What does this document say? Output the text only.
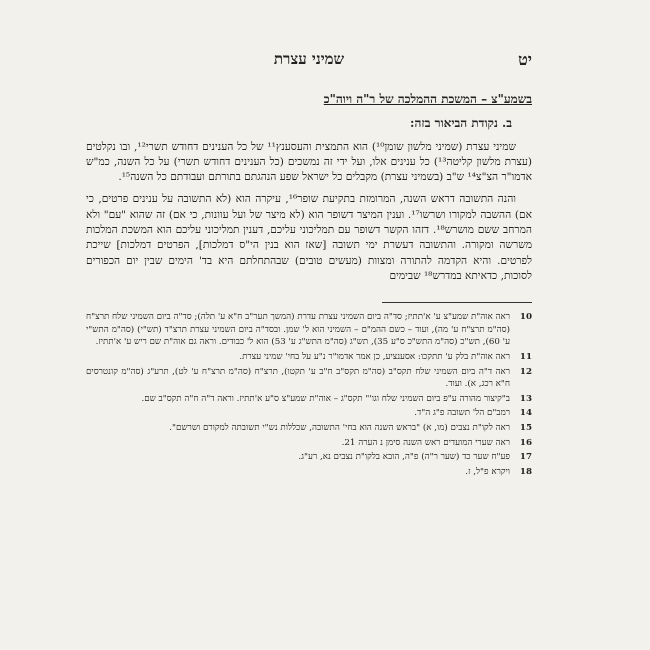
יט
שמיני עצרת
בשמע"צ – המשכת ההמלכה של ר"ה ויוה"כ
ב. נקודת הביאור בזה:

שמיני עצרת (שמיני מלשון שומן¹⁰) הוא התמצית והעסענץ¹¹ של כל הענינים דחודש תשרי¹², ובו נקלטים (עצרת מלשון קליטה¹³) כל ענינים אלו, ועל ידי זה נמשכים (כל הענינים דחודש תשרי) על כל השנה, כמ"ש אדמו"ר הצ"צ¹⁴ ש"ב (בשמיני עצרת) מקבלים כל ישראל שפע הנהגתם בתורתם ועבודתם כל השנה¹⁵.

והנה התשובה דראש השנה, המרומזת בתקיעת שופר¹⁶, עיקרה הוא (לא התשובה על ענינים פרטים, כי אם) ההשבה למקורו ושרשו¹⁷. וענין המיצר דשופר הוא (לא מיצר של ועל עוונות, כי אם) זה שהוא "עם" ולא המרחב ששם מושרש¹⁸. דזהו הקשר דשופר עם תמליכוני עליכם, דענין תמליכוני עליכם הוא המשכת המלכות משרשה ומקורה. והתשובה דעשרת ימי תשובה [שאז הוא בנין הי"ס דמלכות], הפרטים דמלכות] שייכת לפרטים. והיא הקדמה להתורה ומצוות (מעשים טובים) שבהתחלתם היא בד' הימים שבין יום הכפורים לסוכות, כדאיתא במדרש¹⁸ שבימים

10
ראה אוה"ת שמע"צ ע' א'תתיז; סד"ה ביום השמיני עצרת עדרת (המשך תער"ב ח"א ע' תלה); סד"ה ביום השמיני שלח תרצ"ח (סה"מ תרצ"ח ע' מה), ועוד – כשם ההמ"ם – השמיני הוא ל' שמן. ובסד"ה ביום השמיני עצרת תרצ"ד (תש"י) (סה"מ התש"י ע' 60), תש"כ (סה"מ התש"כ ס"ע 35), תש"ג (סה"מ התש"ג ע' 53) הוא ל' כבודים. וראה גם אוה"ת שם ריש ע' א'תתיז.
11
ראה אוה"ת בלק ע' תתקכו: אסענציע, כן אמר אדמו"ר נ"ע על בחי' שמיני עצרת.
12
ראה ד"ה ביום השמיני שלח תקס"ב (סה"מ תקס"ב ח"ב ע' תקטו), תרצ"ח (סה"מ תרצ"ח ע' לט), תרע"ג (סה"מ קונטרסים ח"א רכג, א). ועוד.
13
ב"קיצור מהורה ע"פ ביום השמיני שלח וגו'" תקס"ג – אוה"ת שמע"צ ס"ע א'תתיז. וראה ד"ה ח"ה תקס"ב שם.
14
רמב"ם הל' תשובה פ"ג ה"ד.
15
ראה לקו"ת נצבים (מו, א) "בראש השנה הוא בחי' התשובה, שכללות נש"י תשובתה למקורם ושרשם".
16
ראה שערי המועדים ראש השנה סימן נ הערה 21.
17
פע"ח שער כד (שער ר"ה) פ"ה, הובא בלקו"ת נצבים נא, רע"ג.
18
ויקרא פ"ל, ז.
